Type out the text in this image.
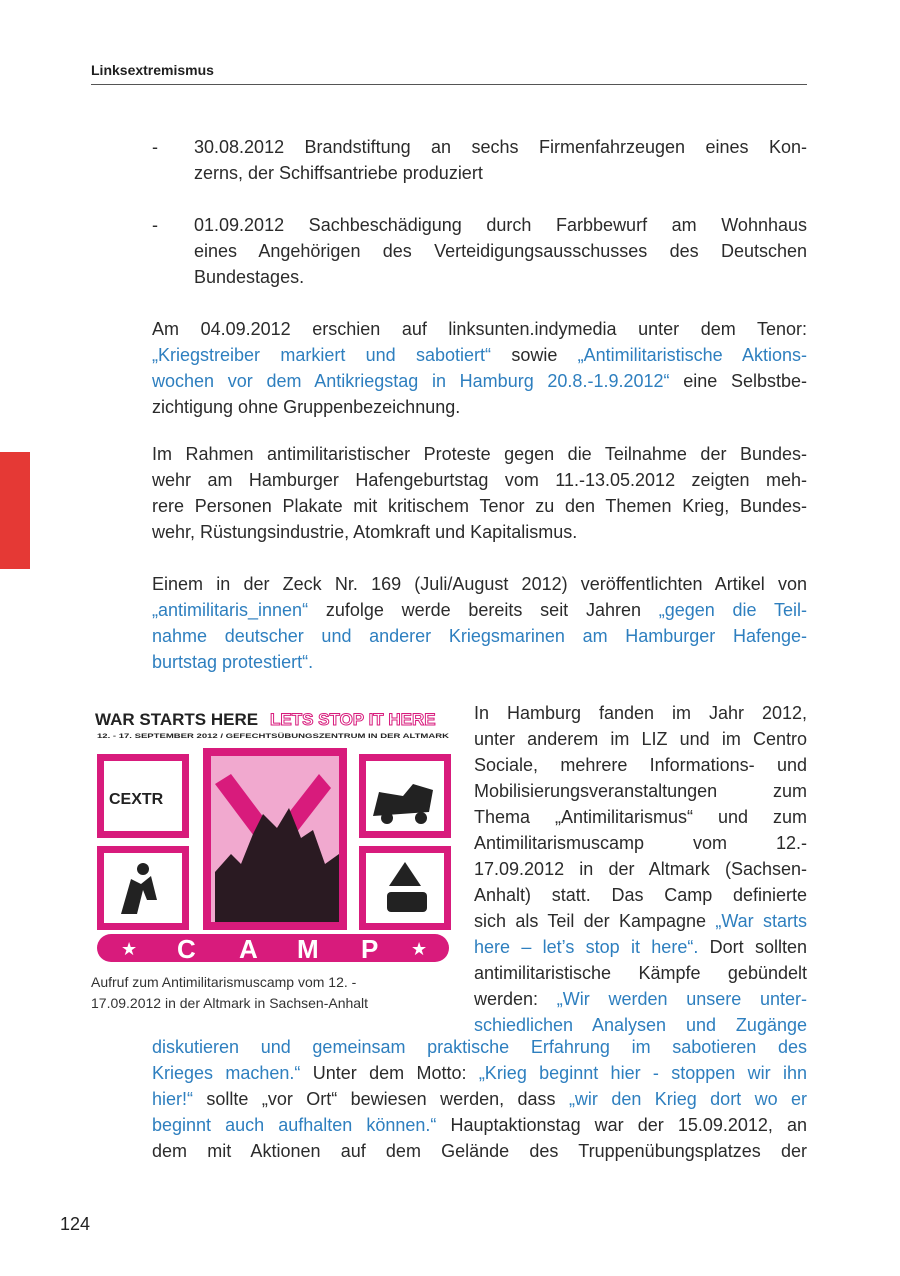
Linksextremismus
- 30.08.2012 Brandstiftung an sechs Firmenfahrzeugen eines Kon-
zerns, der Schiffsantriebe produziert
- 01.09.2012 Sachbeschädigung durch Farbbewurf am Wohnhaus
eines Angehörigen des Verteidigungsausschusses des Deutschen
Bundestages.
Am 04.09.2012 erschien auf linksunten.indymedia unter dem Tenor:
„Kriegstreiber markiert und sabotiert“ sowie „Antimilitaristische Aktions-
wochen vor dem Antikriegstag in Hamburg 20.8.-1.9.2012“ eine Selbstbe-
zichtigung ohne Gruppenbezeichnung.
Im Rahmen antimilitaristischer Proteste gegen die Teilnahme der Bundes-
wehr am Hamburger Hafengeburtstag vom 11.-13.05.2012 zeigten meh-
rere Personen Plakate mit kritischem Tenor zu den Themen Krieg, Bundes-
wehr, Rüstungsindustrie, Atomkraft und Kapitalismus.
Einem in der Zeck Nr. 169 (Juli/August 2012) veröffentlichten Artikel von
„antimilitaris_innen“ zufolge werde bereits seit Jahren „gegen die Teil-
nahme deutscher und anderer Kriegsmarinen am Hamburger Hafenge-
burtstag protestiert“.
WAR STARTS HERE LETS STOP IT HERE
12. - 17. SEPTEMBER 2012 / GEFECHTSÜBUNGSZENTRUM IN DER ALTMARK
CEXTR
★ C A M P ★
Aufruf zum Antimilitarismuscamp vom 12. -
17.09.2012 in der Altmark in Sachsen-Anhalt
In Hamburg fanden im Jahr 2012,
unter anderem im LIZ und im Centro
Sociale, mehrere Informations- und
Mobilisierungsveranstaltungen zum
Thema „Antimilitarismus“ und zum
Antimilitarismuscamp vom 12.-
17.09.2012 in der Altmark (Sachsen-
Anhalt) statt. Das Camp definierte
sich als Teil der Kampagne „War starts
here – let’s stop it here“. Dort sollten
antimilitaristische Kämpfe gebündelt
werden: „Wir werden unsere unter-
schiedlichen Analysen und Zugänge
diskutieren und gemeinsam praktische Erfahrung im sabotieren des
Krieges machen.“ Unter dem Motto: „Krieg beginnt hier - stoppen wir ihn
hier!“ sollte „vor Ort“ bewiesen werden, dass „wir den Krieg dort wo er
beginnt auch aufhalten können.“ Hauptaktionstag war der 15.09.2012, an
dem mit Aktionen auf dem Gelände des Truppenübungsplatzes der
124
